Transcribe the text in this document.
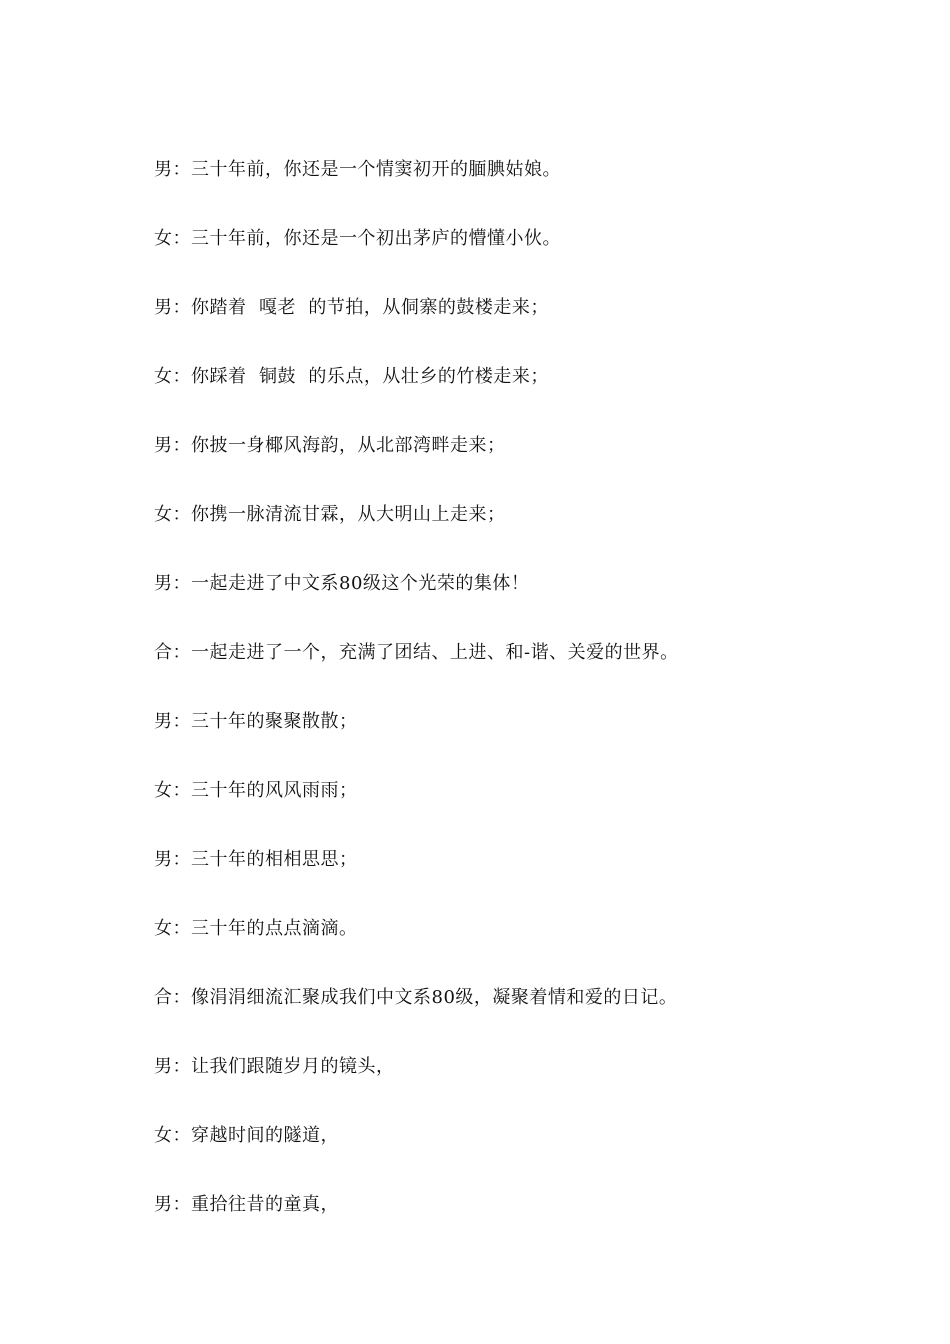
男：三十年前，你还是一个情窦初开的腼腆姑娘。
女：三十年前，你还是一个初出茅庐的懵懂小伙。
男：你踏着  嘎老  的节拍，从侗寨的鼓楼走来；
女：你踩着  铜鼓  的乐点，从壮乡的竹楼走来；
男：你披一身椰风海韵，从北部湾畔走来；
女：你携一脉清流甘霖，从大明山上走来；
男：一起走进了中文系80级这个光荣的集体！
合：一起走进了一个，充满了团结、上进、和-谐、关爱的世界。
男：三十年的聚聚散散；
女：三十年的风风雨雨；
男：三十年的相相思思；
女：三十年的点点滴滴。
合：像涓涓细流汇聚成我们中文系80级，凝聚着情和爱的日记。
男：让我们跟随岁月的镜头，
女：穿越时间的隧道，
男：重拾往昔的童真，
